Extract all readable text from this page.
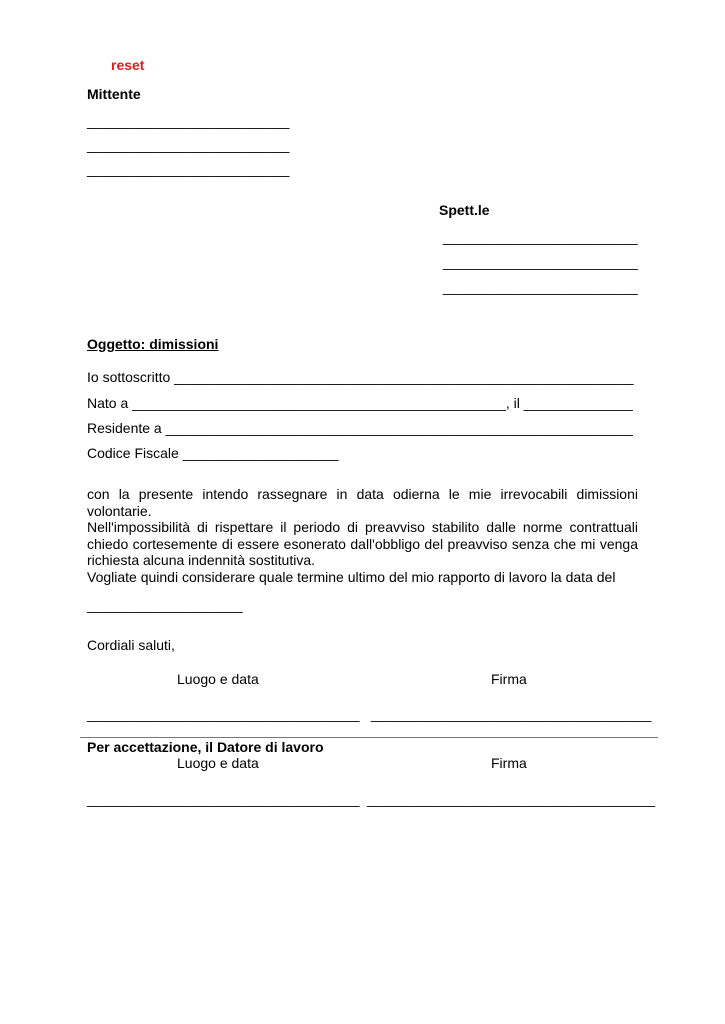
reset
Mittente
__________________________
__________________________
__________________________
Spett.le
_________________________
_________________________
_________________________
Oggetto: dimissioni
Io sottoscritto ___________________________________________________________
Nato a ________________________________________________, il ______________
Residente a ____________________________________________________________
Codice Fiscale ____________________

con la presente intendo rassegnare in data odierna le mie irrevocabili dimissioni volontarie.

Nell'impossibilità di rispettare il periodo di preavviso stabilito dalle norme contrattuali chiedo cortesemente di essere esonerato dall'obbligo del preavviso senza che mi venga richiesta alcuna indennità sostitutiva.

Vogliate quindi considerare quale termine ultimo del mio rapporto di lavoro la data del

____________________
Cordiali saluti,
Luogo e data	Firma
___________________________________ ____________________________________
Per accettazione, il Datore di lavoro
Luogo e data	Firma
___________________________________ _____________________________________
